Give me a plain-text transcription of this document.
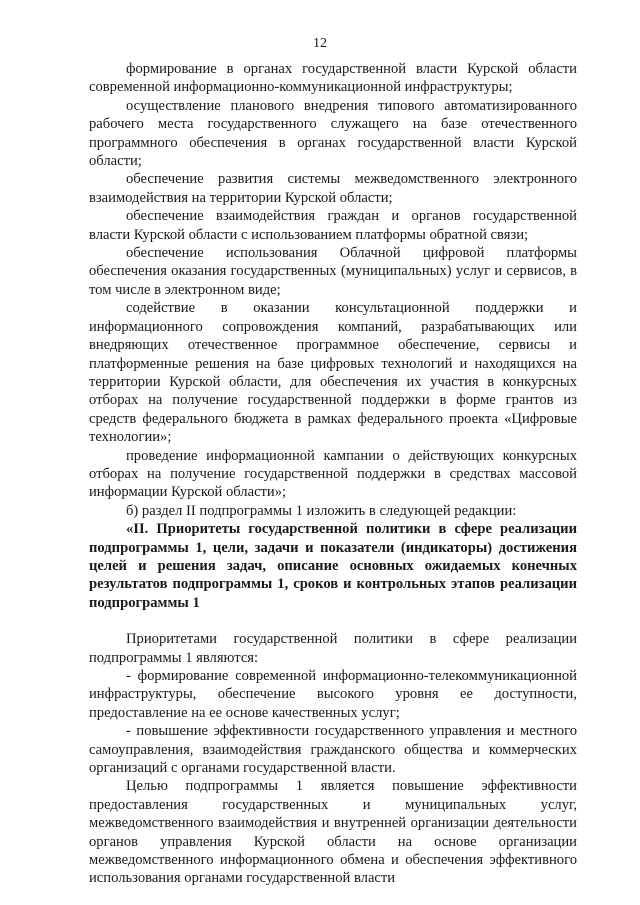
12

формирование в органах государственной власти Курской области современной информационно-коммуникационной инфраструктуры;

осуществление планового внедрения типового автоматизированного рабочего места государственного служащего на базе отечественного программного обеспечения в органах государственной власти Курской области;

обеспечение развития системы межведомственного электронного взаимодействия на территории Курской области;

обеспечение взаимодействия граждан и органов государственной власти Курской области с использованием платформы обратной связи;

обеспечение использования Облачной цифровой платформы обеспечения оказания государственных (муниципальных) услуг и сервисов, в том числе в электронном виде;

содействие в оказании консультационной поддержки и информационного сопровождения компаний, разрабатывающих или внедряющих отечественное программное обеспечение, сервисы и платформенные решения на базе цифровых технологий и находящихся на территории Курской области, для обеспечения их участия в конкурсных отборах на получение государственной поддержки в форме грантов из средств федерального бюджета в рамках федерального проекта «Цифровые технологии»;

проведение информационной кампании о действующих конкурсных отборах на получение государственной поддержки в средствах массовой информации Курской области»;

б) раздел II подпрограммы 1 изложить в следующей редакции:

«II. Приоритеты государственной политики в сфере реализации подпрограммы 1, цели, задачи и показатели (индикаторы) достижения целей и решения задач, описание основных ожидаемых конечных результатов подпрограммы 1, сроков и контрольных этапов реализации подпрограммы 1

Приоритетами государственной политики в сфере реализации подпрограммы 1 являются:

- формирование современной информационно-телекоммуникационной инфраструктуры, обеспечение высокого уровня ее доступности, предоставление на ее основе качественных услуг;

- повышение эффективности государственного управления и местного самоуправления, взаимодействия гражданского общества и коммерческих организаций с органами государственной власти.

Целью подпрограммы 1 является повышение эффективности предоставления государственных и муниципальных услуг, межведомственного взаимодействия и внутренней организации деятельности органов управления Курской области на основе организации межведомственного информационного обмена и обеспечения эффективного использования органами государственной власти
